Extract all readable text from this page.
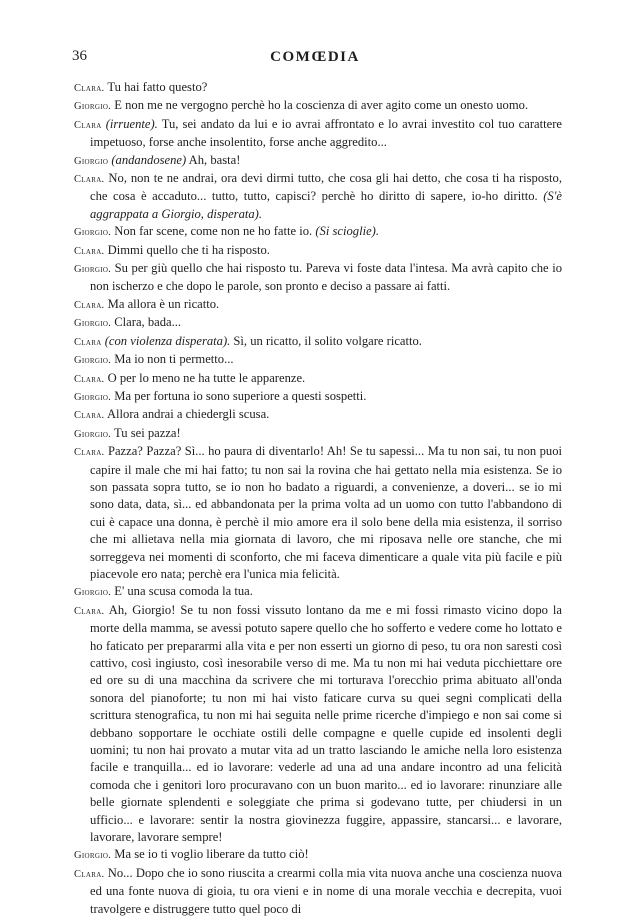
36	COMŒDIA

Clara. Tu hai fatto questo?

Giorgio. E non me ne vergogno perchè ho la coscienza di aver agito come un onesto uomo.

Clara (irruente). Tu, sei andato da lui e io avrai affrontato e lo avrai investito col tuo carattere impetuoso, forse anche insolentito, forse anche aggredito...

Giorgio (andandosene) Ah, basta!

Clara. No, non te ne andrai, ora devi dirmi tutto, che cosa gli hai detto, che cosa ti ha risposto, che cosa è accaduto... tutto, tutto, capisci? perchè ho diritto di sapere, io-ho diritto. (S'è aggrappata a Giorgio, disperata).

Giorgio. Non far scene, come non ne ho fatte io. (Si scioglie).

Clara. Dimmi quello che ti ha risposto.

Giorgio. Su per giù quello che hai risposto tu. Pareva vi foste data l'intesa. Ma avrà capito che io non ischerzo e che dopo le parole, son pronto e deciso a passare ai fatti.

Clara. Ma allora è un ricatto.

Giorgio. Clara, bada...

Clara (con violenza disperata). Sì, un ricatto, il solito volgare ricatto.

Giorgio. Ma io non ti permetto...

Clara. O per lo meno ne ha tutte le apparenze.

Giorgio. Ma per fortuna io sono superiore a questi sospetti.

Clara. Allora andrai a chiedergli scusa.

Giorgio. Tu sei pazza!

Clara. Pazza? Pazza? Sì... ho paura di diventarlo! Ah! Se tu sapessi... Ma tu non sai, tu non puoi capire il male che mi hai fatto; tu non sai la rovina che hai gettato nella mia esistenza. Se io son passata sopra tutto, se io non ho badato a riguardi, a convenienze, a doveri... se io mi sono data, data, sì... ed abbandonata per la prima volta ad un uomo con tutto l'abbandono di cui è capace una donna, è perchè il mio amore era il solo bene della mia esistenza, il sorriso che mi allietava nella mia giornata di lavoro, che mi riposava nelle ore stanche, che mi sorreggeva nei momenti di sconforto, che mi faceva dimenticare a quale vita più facile e più piacevole ero nata; perchè era l'unica mia felicità.

Giorgio. E' una scusa comoda la tua.

Clara. Ah, Giorgio! Se tu non fossi vissuto lontano da me e mi fossi rimasto vicino dopo la morte della mamma, se avessi potuto sapere quello che ho sofferto e vedere come ho lottato e ho faticato per prepararmi alla vita e per non esserti un giorno di peso, tu ora non saresti così cattivo, così ingiusto, così inesorabile verso di me. Ma tu non mi hai veduta picchiettare ore ed ore su di una macchina da scrivere che mi torturava l'orecchio prima abituato all'onda sonora del pianoforte; tu non mi hai visto faticare curva su quei segni complicati della scrittura stenografica, tu non mi hai seguita nelle prime ricerche d'impiego e non sai come si debbano sopportare le occhiate ostili delle compagne e quelle cupide ed insolenti degli uomini; tu non hai provato a mutar vita ad un tratto lasciando le amiche nella loro esistenza facile e tranquilla... ed io lavorare: vederle ad una ad una andare incontro ad una felicità comoda che i genitori loro procuravano con un buon marito... ed io lavorare: rinunziare alle belle giornate splendenti e soleggiate che prima si godevano tutte, per chiudersi in un ufficio... e lavorare: sentir la nostra giovinezza fuggire, appassire, stancarsi... e lavorare, lavorare, lavorare sempre!

Giorgio. Ma se io ti voglio liberare da tutto ciò!

Clara. No... Dopo che io sono riuscita a crearmi colla mia vita nuova anche una coscienza nuova ed una fonte nuova di gioia, tu ora vieni e in nome di una morale vecchia e decrepita, vuoi travolgere e distruggere tutto quel poco di
